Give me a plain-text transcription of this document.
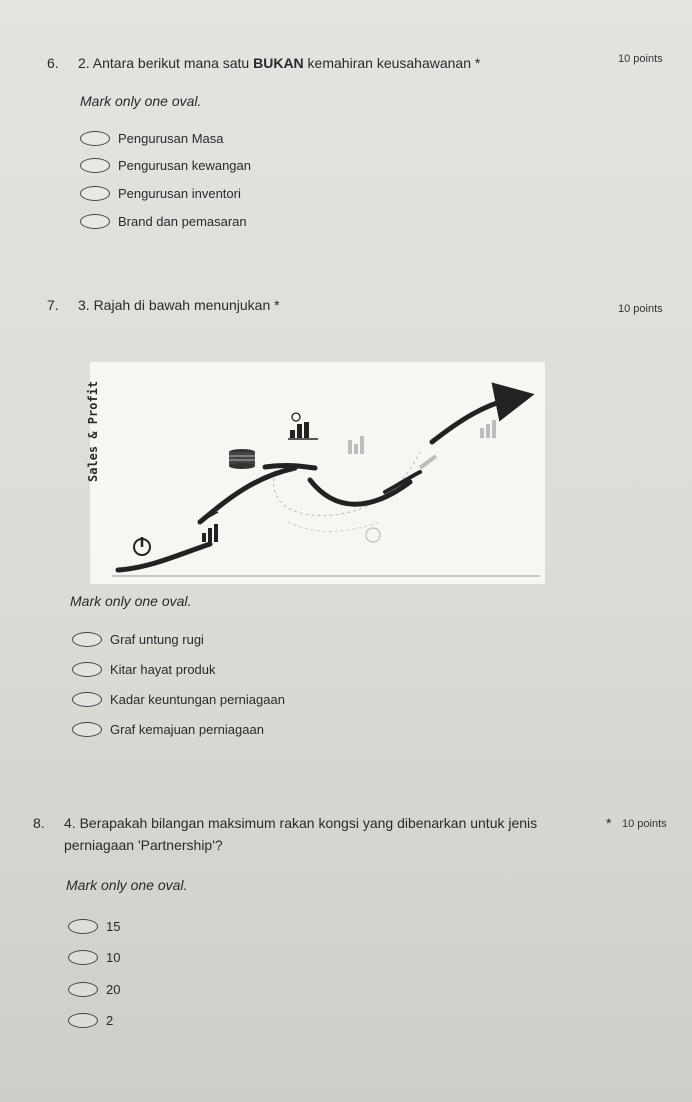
6. 2. Antara berikut mana satu BUKAN kemahiran keusahawanan *	10 points
Mark only one oval.
Pengurusan Masa
Pengurusan kewangan
Pengurusan inventori
Brand dan pemasaran
7. 3. Rajah di bawah menunjukan *	10 points
Sales & Profit
Mark only one oval.
Graf untung rugi
Kitar hayat produk
Kadar keuntungan perniagaan
Graf kemajuan perniagaan
8. 4. Berapakah bilangan maksimum rakan kongsi yang dibenarkan untuk jenis	* 10 points
perniagaan 'Partnership'?
Mark only one oval.
15
10
20
2
